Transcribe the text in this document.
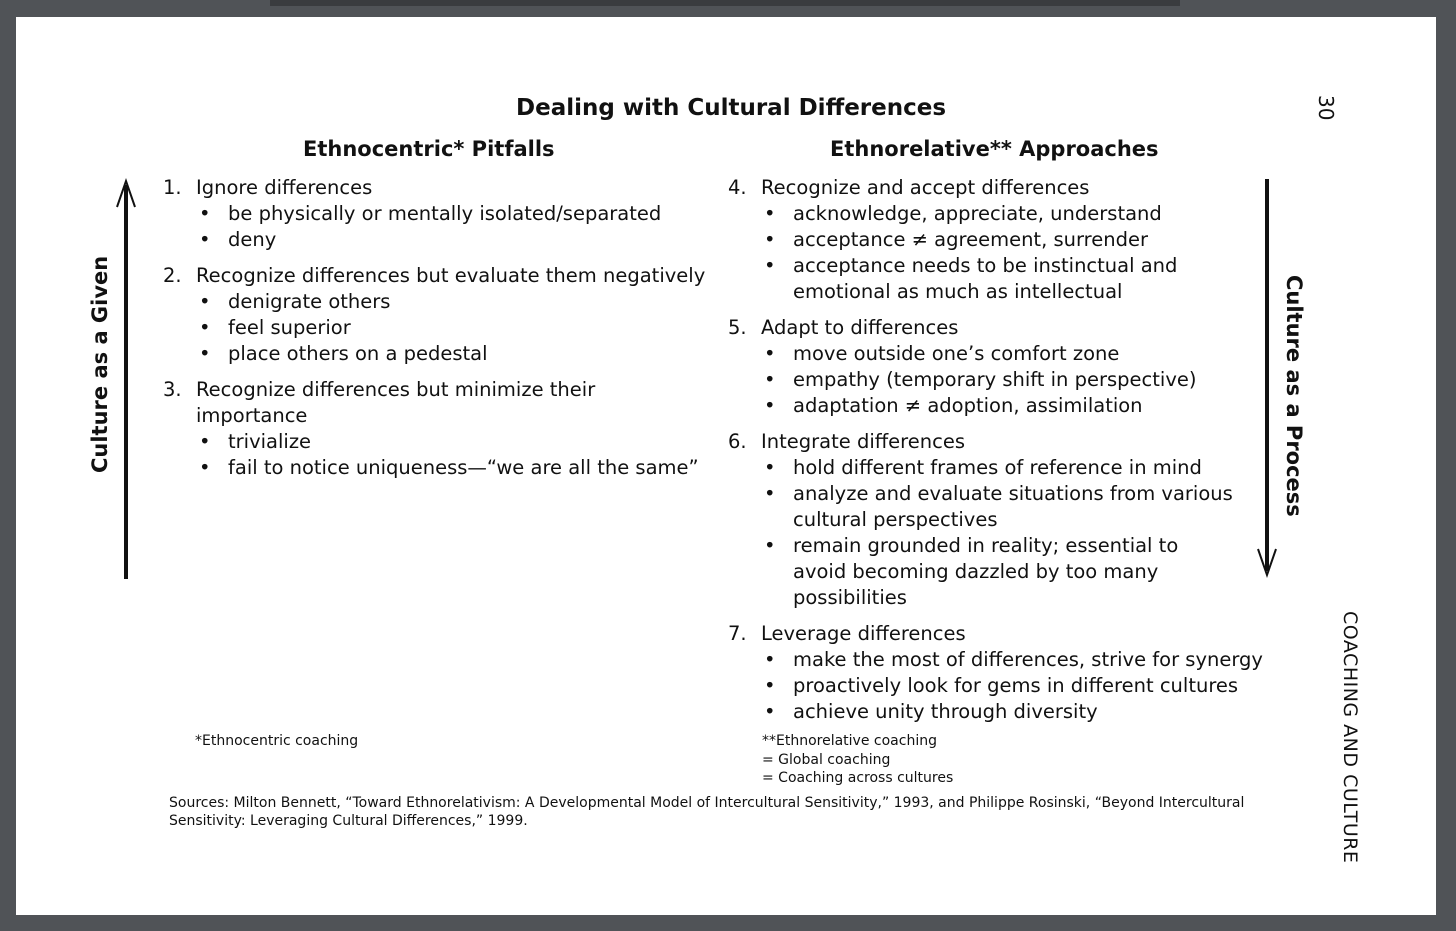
Dealing with Cultural Differences	30
Ethnocentric* Pitfalls	Ethnorelative** Approaches
Culture as a Given	Culture as a Process
COACHING AND CULTURE
1. Ignore differences
• be physically or mentally isolated/separated
• deny
2. Recognize differences but evaluate them negatively
• denigrate others
• feel superior
• place others on a pedestal
3. Recognize differences but minimize their importance
• trivialize
• fail to notice uniqueness—“we are all the same”
4. Recognize and accept differences
• acknowledge, appreciate, understand
• acceptance ≠ agreement, surrender
• acceptance needs to be instinctual and emotional as much as intellectual
5. Adapt to differences
• move outside one’s comfort zone
• empathy (temporary shift in perspective)
• adaptation ≠ adoption, assimilation
6. Integrate differences
• hold different frames of reference in mind
• analyze and evaluate situations from various cultural perspectives
• remain grounded in reality; essential to avoid becoming dazzled by too many possibilities
7. Leverage differences
• make the most of differences, strive for synergy
• proactively look for gems in different cultures
• achieve unity through diversity
*Ethnocentric coaching	**Ethnorelative coaching
= Global coaching
= Coaching across cultures
Sources: Milton Bennett, “Toward Ethnorelativism: A Developmental Model of Intercultural Sensitivity,” 1993, and Philippe Rosinski, “Beyond Intercultural Sensitivity: Leveraging Cultural Differences,” 1999.
